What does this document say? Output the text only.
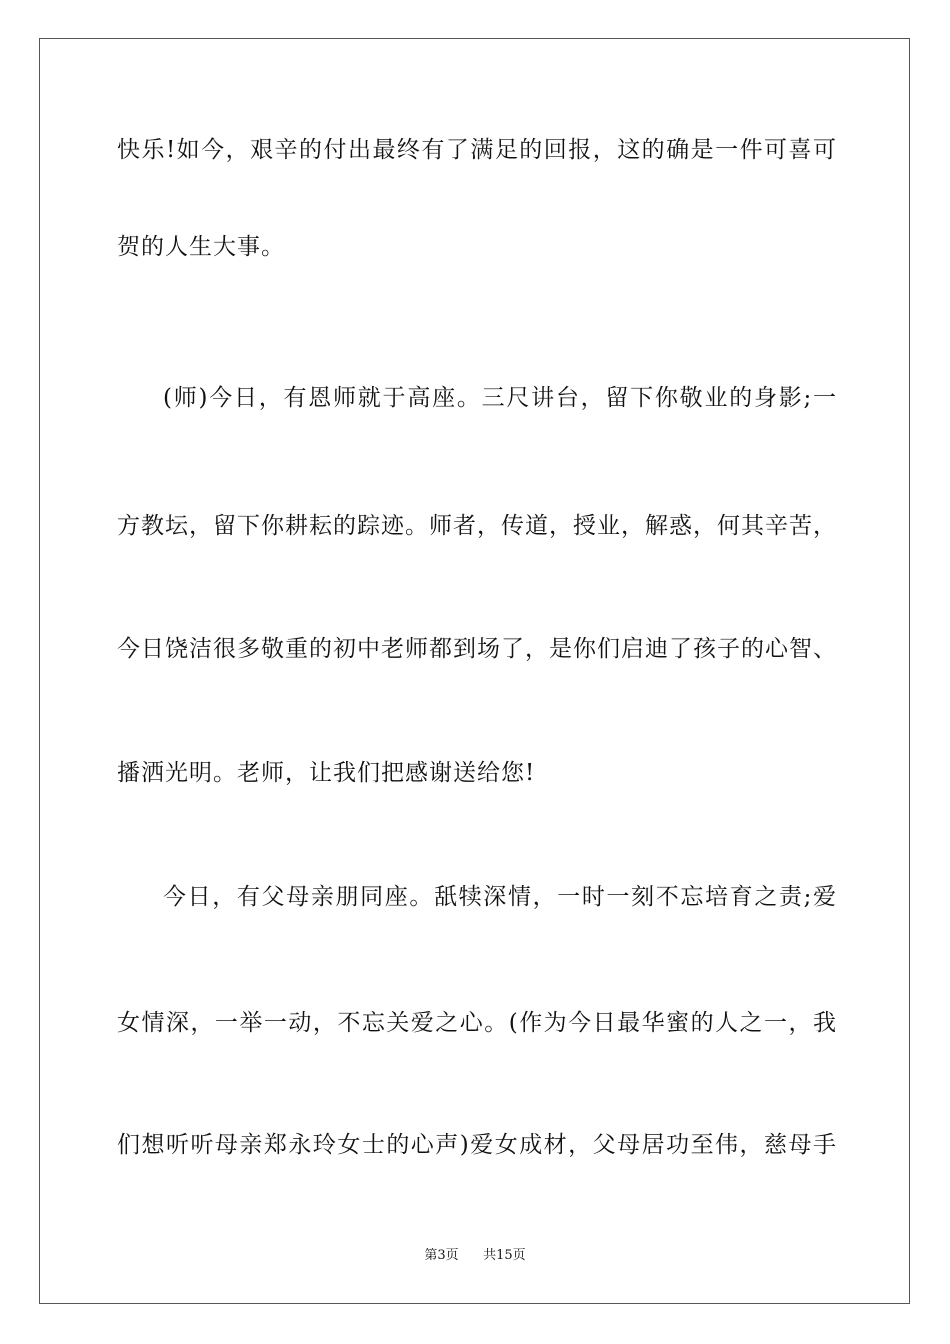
快乐!如今，艰辛的付出最终有了满足的回报，这的确是一件可喜可
贺的人生大事。
(师)今日，有恩师就于高座。三尺讲台，留下你敬业的身影;一
方教坛，留下你耕耘的踪迹。师者，传道，授业，解惑，何其辛苦，
今日饶洁很多敬重的初中老师都到场了，是你们启迪了孩子的心智、
播洒光明。老师，让我们把感谢送给您!
今日，有父母亲朋同座。舐犊深情，一时一刻不忘培育之责;爱
女情深，一举一动，不忘关爱之心。(作为今日最华蜜的人之一，我
们想听听母亲郑永玲女士的心声)爱女成材，父母居功至伟，慈母手
第3页 共15页
